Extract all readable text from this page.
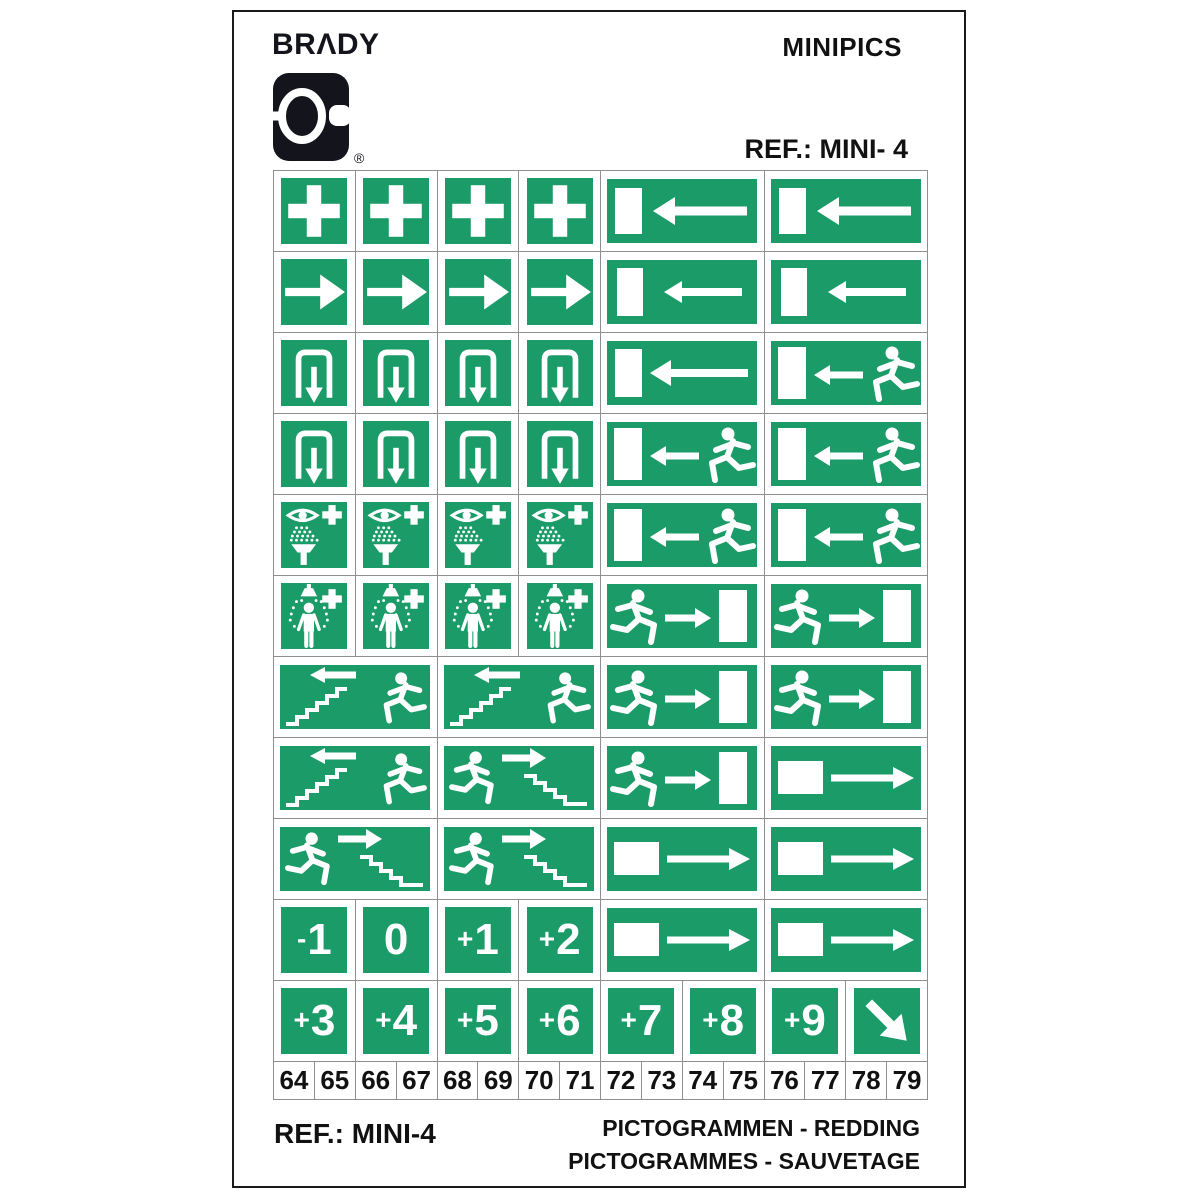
BRΛDY
®
MINIPICS
REF.: MINI- 4
- 1 0 + 1 + 2
+ 3 + 4 + 5 + 6 + 7 + 8 + 9
64 65 66 67 68 69 70 71 72 73 74 75 76 77 78 79
REF.: MINI-4	PICTOGRAMMEN - REDDING
PICTOGRAMMES - SAUVETAGE
